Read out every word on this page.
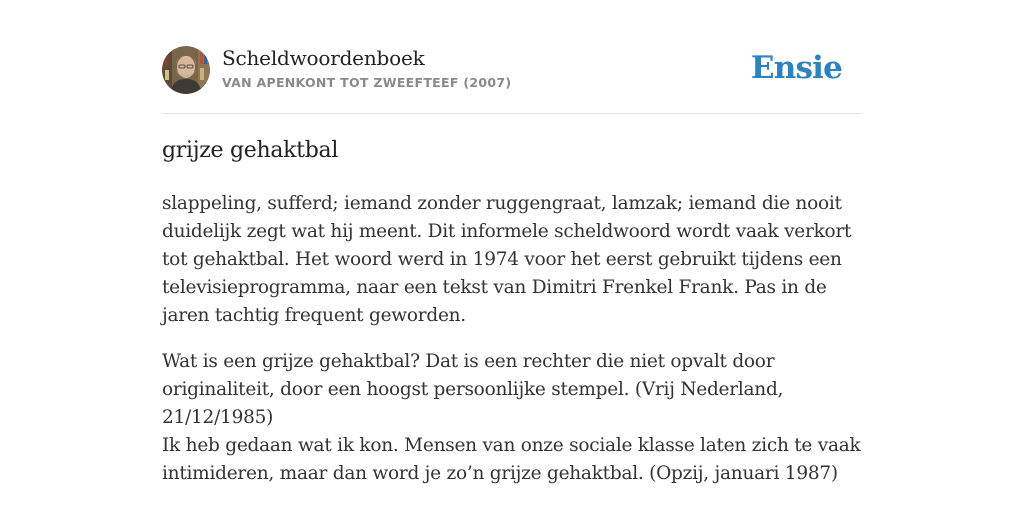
Scheldwoordenboek
VAN APENKONT TOT ZWEEFTEEF (2007)	Ensie
grijze gehaktbal

slappeling, sufferd; iemand zonder ruggengraat, lamzak; iemand die nooit duidelijk zegt wat hij meent. Dit informele scheldwoord wordt vaak verkort tot gehaktbal. Het woord werd in 1974 voor het eerst gebruikt tijdens een televisieprogramma, naar een tekst van Dimitri Frenkel Frank. Pas in de jaren tachtig frequent geworden.

Wat is een grijze gehaktbal? Dat is een rechter die niet opvalt door originaliteit, door een hoogst persoonlijke stempel. (Vrij Nederland, 21/12/1985)

Ik heb gedaan wat ik kon. Mensen van onze sociale klasse laten zich te vaak intimideren, maar dan word je zo’n grijze gehaktbal. (Opzij, januari 1987)
